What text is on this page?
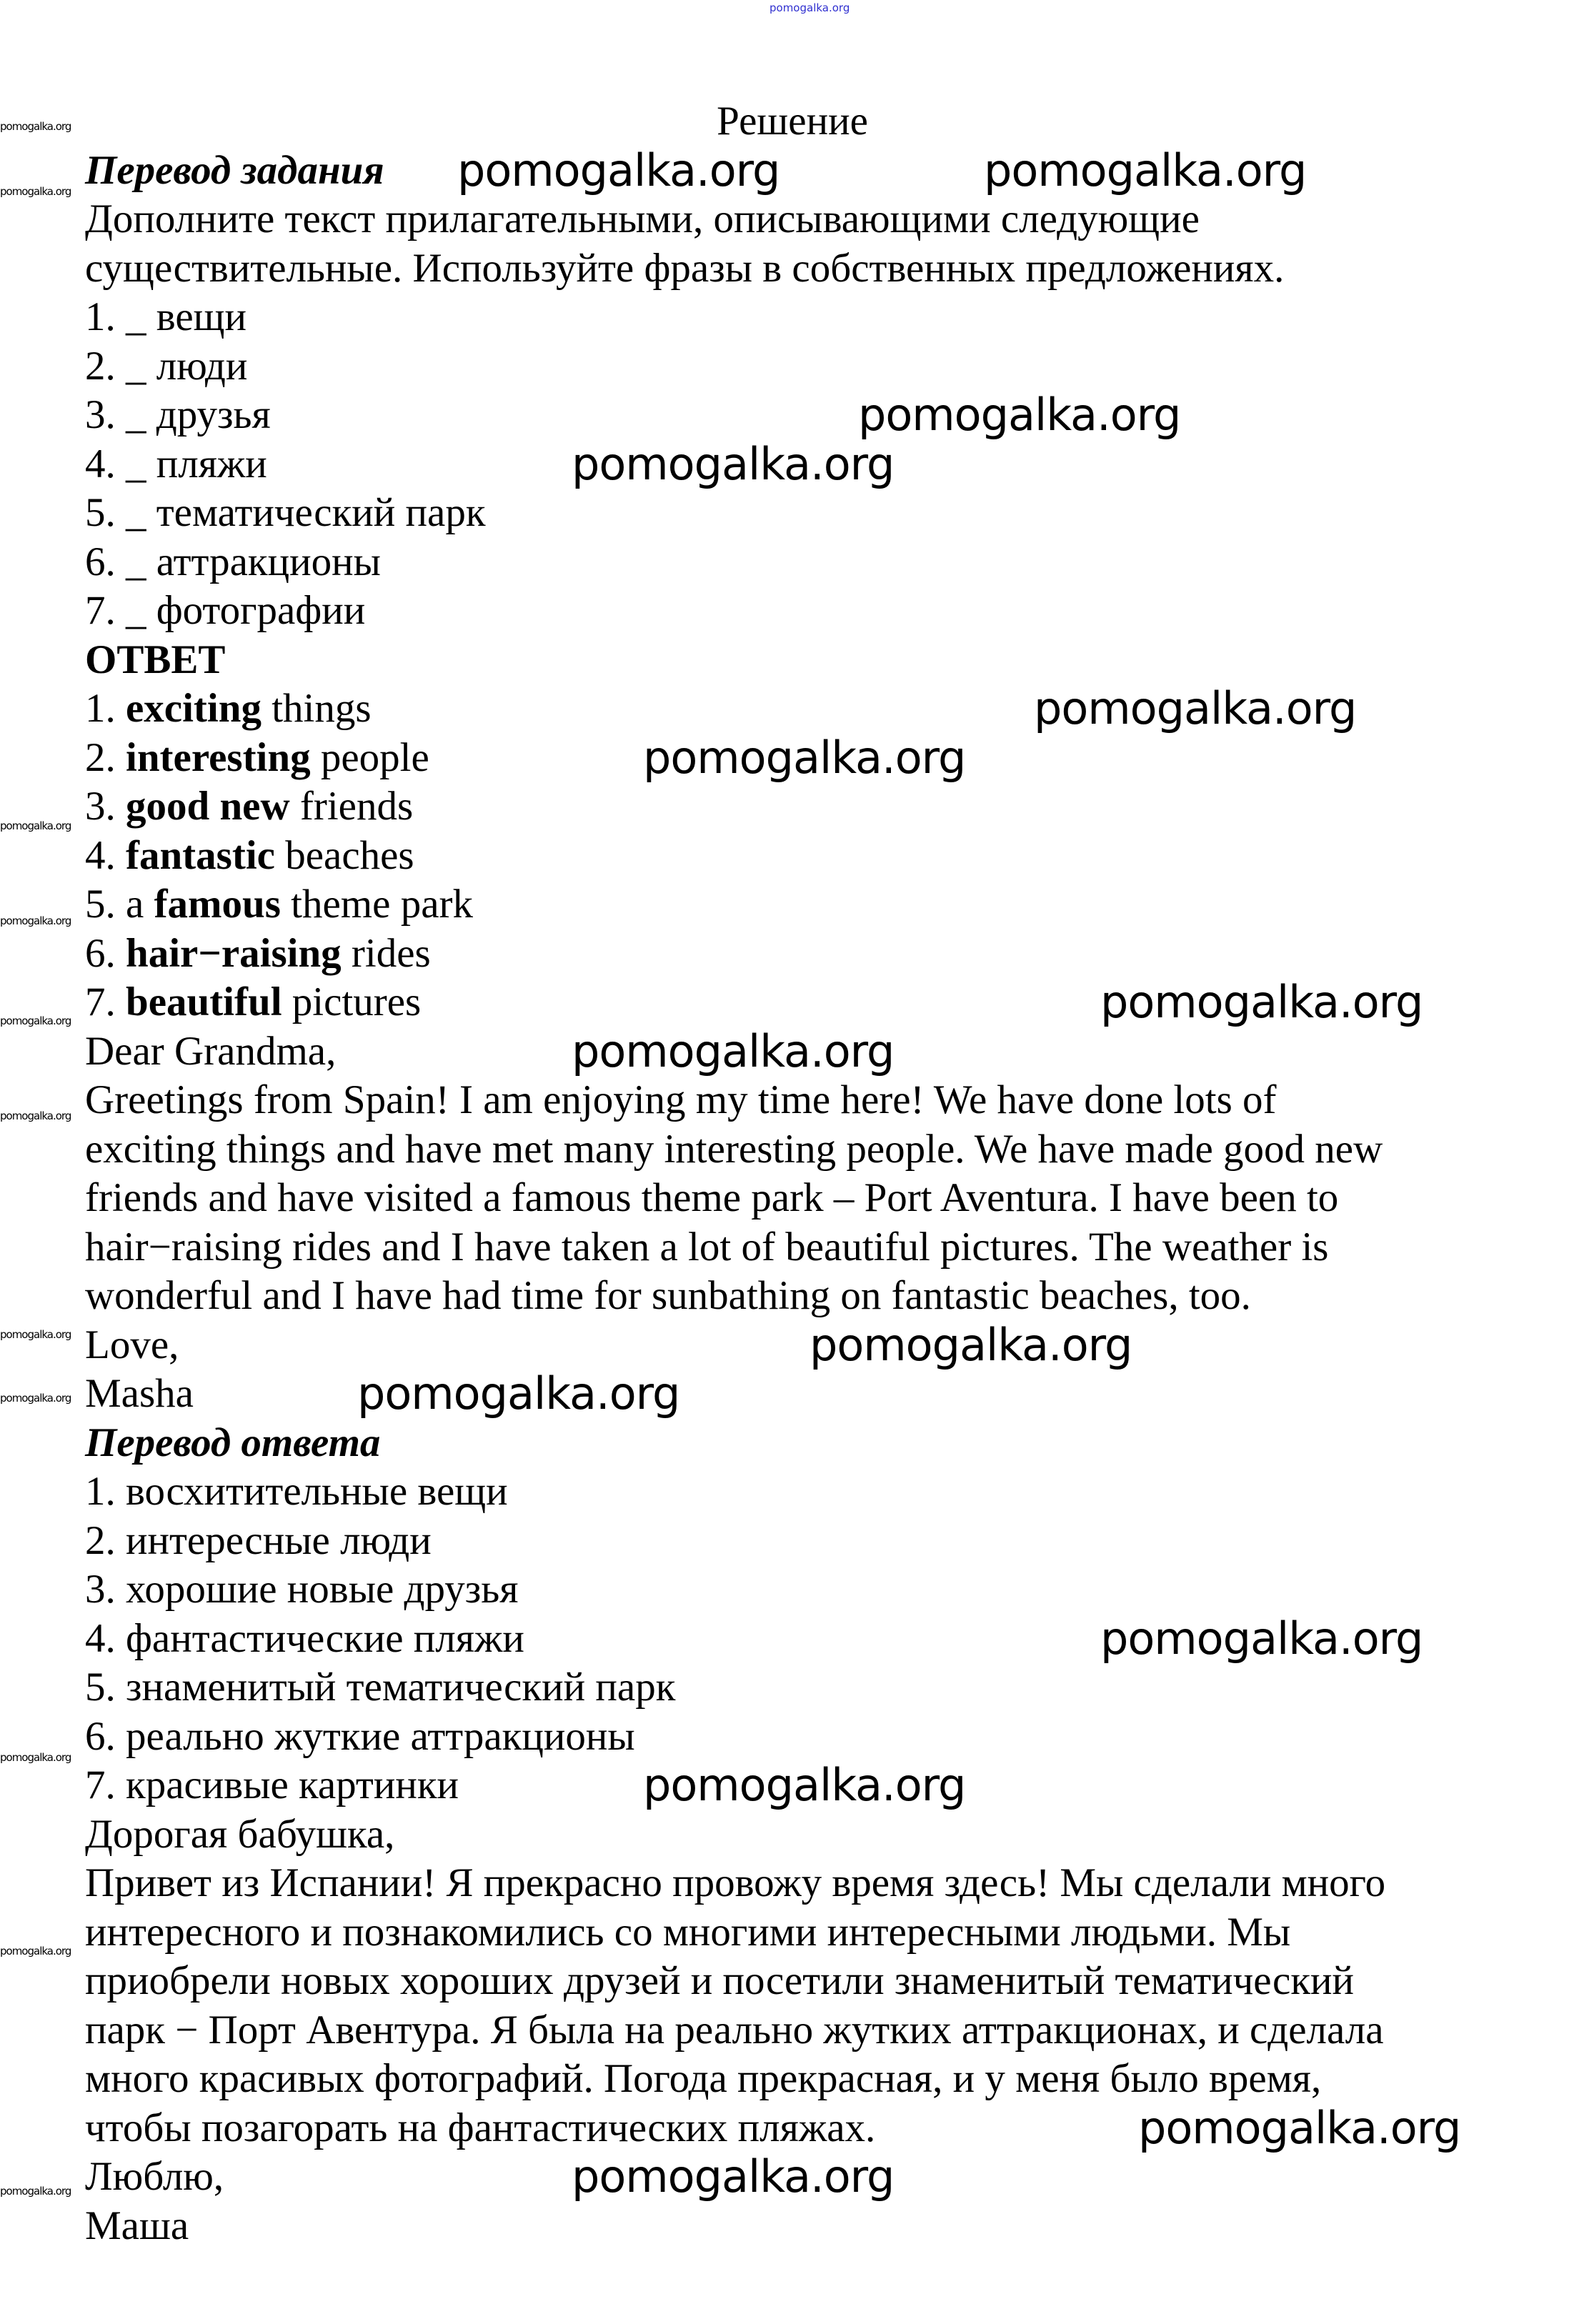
pomogalka.org
Решение
Перевод задания
Дополните текст прилагательными, описывающими следующие
существительные. Используйте фразы в собственных предложениях.
1. _ вещи
2. _ люди
3. _ друзья
4. _ пляжи
5. _ тематический парк
6. _ аттракционы
7. _ фотографии
ОТВЕТ
1. exciting things
2. interesting people
3. good new friends
4. fantastic beaches
5. a famous theme park
6. hair−raising rides
7. beautiful pictures
Dear Grandma,
Greetings from Spain! I am enjoying my time here! We have done lots of
exciting things and have met many interesting people. We have made good new
friends and have visited a famous theme park – Port Aventura. I have been to
hair−raising rides and I have taken a lot of beautiful pictures. The weather is
wonderful and I have had time for sunbathing on fantastic beaches, too.
Love,
Masha
Перевод ответа
1. восхитительные вещи
2. интересные люди
3. хорошие новые друзья
4. фантастические пляжи
5. знаменитый тематический парк
6. реально жуткие аттракционы
7. красивые картинки
Дорогая бабушка,
Привет из Испании! Я прекрасно провожу время здесь! Мы сделали много
интересного и познакомились со многими интересными людьми. Мы
приобрели новых хороших друзей и посетили знаменитый тематический
парк − Порт Авентура. Я была на реально жутких аттракционах, и сделала
много красивых фотографий. Погода прекрасная, и у меня было время,
чтобы позагорать на фантастических пляжах.
Люблю,
Маша
pomogalka.org	pomogalka.org
pomogalka.org
pomogalka.org
pomogalka.org
pomogalka.org
pomogalka.org
pomogalka.org
pomogalka.org
pomogalka.org
pomogalka.org
pomogalka.org
pomogalka.org
pomogalka.org
pomogalka.org
pomogalka.org
pomogalka.org
pomogalka.org
pomogalka.org
pomogalka.org
pomogalka.org
pomogalka.org
pomogalka.org
pomogalka.org
pomogalka.org
